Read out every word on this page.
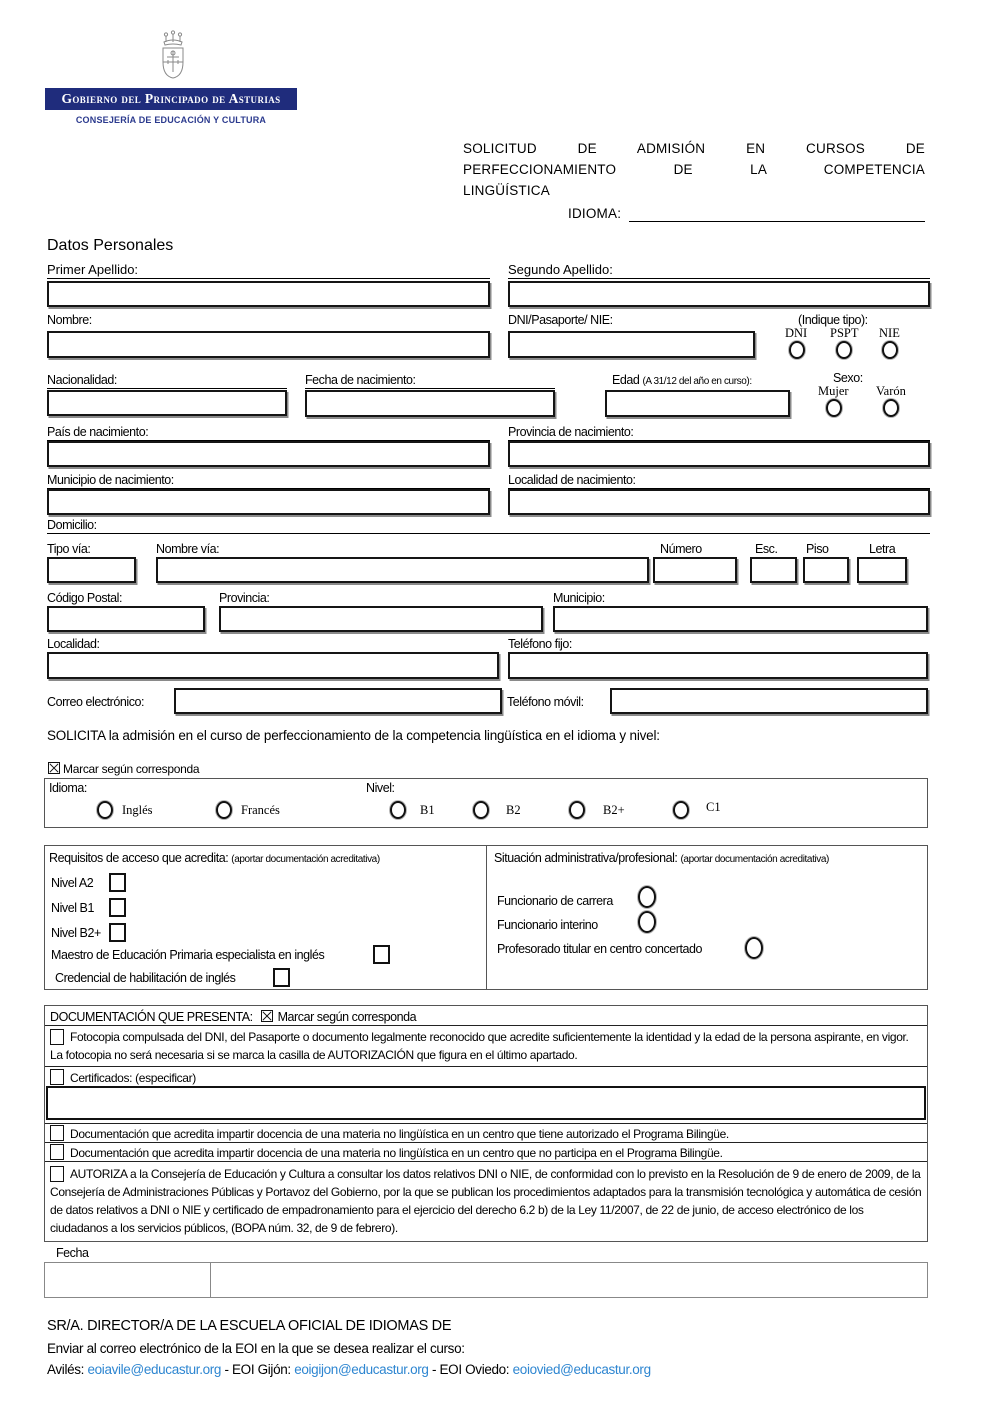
Gobierno del Principado de Asturias
CONSEJERÍA DE EDUCACIÓN Y CULTURA
SOLICITUD DE ADMISIÓN EN CURSOS DE
PERFECCIONAMIENTO DE LA COMPETENCIA
LINGÜÍSTICA
IDIOMA:
Datos Personales
Primer Apellido:	Segundo Apellido:
Nombre:	DNI/Pasaporte/ NIE:	(Indique tipo):
DNI PSPT NIE
Nacionalidad:	Fecha de nacimiento:	Edad (A 31/12 del año en curso):	Sexo:
Mujer Varón
País de nacimiento:	Provincia de nacimiento:
Municipio de nacimiento:	Localidad de nacimiento:
Domicilio:
Tipo vía:	Nombre vía:	Número	Esc.	Piso	Letra
Código Postal:	Provincia:	Municipio:
Localidad:	Teléfono fijo:
Correo electrónico:	Teléfono móvil:
SOLICITA la admisión en el curso de perfeccionamiento de la competencia lingüística en el idioma y nivel:
Marcar según corresponda
Idioma:	Nivel:
Inglés	Francés	B1	B2	B2+	C1
Requisitos de acceso que acredita: (aportar documentación acreditativa)
Nivel A2
Nivel B1
Nivel B2+
Maestro de Educación Primaria especialista en inglés
Credencial de habilitación de inglés
Situación administrativa/profesional: (aportar documentación acreditativa)
Funcionario de carrera
Funcionario interino
Profesorado titular en centro concertado
DOCUMENTACIÓN QUE PRESENTA: Marcar según corresponda
Fotocopia compulsada del DNI, del Pasaporte o documento legalmente reconocido que acredite suficientemente la identidad y la edad de la persona aspirante, en vigor. La fotocopia no será necesaria si se marca la casilla de AUTORIZACIÓN que figura en el último apartado.
Certificados: (especificar)
Documentación que acredita impartir docencia de una materia no lingüística en un centro que tiene autorizado el Programa Bilingüe.
Documentación que acredita impartir docencia de una materia no lingüística en un centro que no participa en el Programa Bilingüe.
AUTORIZA a la Consejería de Educación y Cultura a consultar los datos relativos DNI o NIE, de conformidad con lo previsto en la Resolución de 9 de enero de 2009, de la Consejería de Administraciones Públicas y Portavoz del Gobierno, por la que se publican los procedimientos adaptados para la transmisión tecnológica y automática de cesión de datos relativos a DNI o NIE y certificado de empadronamiento para el ejercicio del derecho 6.2 b) de la Ley 11/2007, de 22 de junio, de acceso electrónico de los ciudadanos a los servicios públicos, (BOPA núm. 32, de 9 de febrero).
Fecha
SR/A. DIRECTOR/A DE LA ESCUELA OFICIAL DE IDIOMAS DE
Enviar al correo electrónico de la EOI en la que se desea realizar el curso:
Avilés: eoiavile@educastur.org - EOI Gijón: eoigijon@educastur.org - EOI Oviedo: eoiovied@educastur.org
